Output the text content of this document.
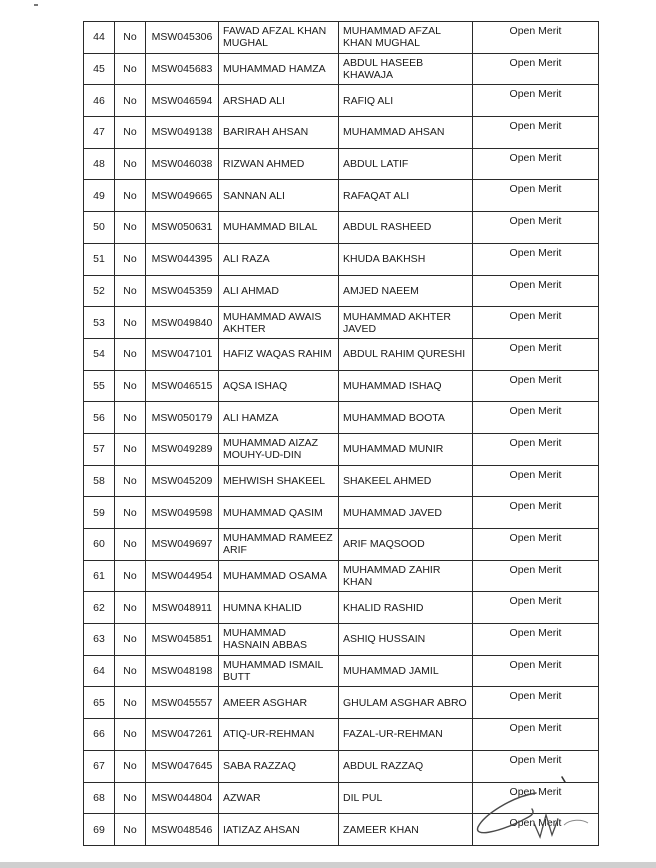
44	No	MSW045306	FAWAD AFZAL KHAN MUGHAL	MUHAMMAD AFZAL KHAN MUGHAL	Open Merit
45	No	MSW045683	MUHAMMAD HAMZA	ABDUL HASEEB KHAWAJA	Open Merit
46	No	MSW046594	ARSHAD ALI	RAFIQ ALI	Open Merit
47	No	MSW049138	BARIRAH AHSAN	MUHAMMAD AHSAN	Open Merit
48	No	MSW046038	RIZWAN AHMED	ABDUL LATIF	Open Merit
49	No	MSW049665	SANNAN ALI	RAFAQAT ALI	Open Merit
50	No	MSW050631	MUHAMMAD BILAL	ABDUL RASHEED	Open Merit
51	No	MSW044395	ALI RAZA	KHUDA BAKHSH	Open Merit
52	No	MSW045359	ALI AHMAD	AMJED NAEEM	Open Merit
53	No	MSW049840	MUHAMMAD AWAIS AKHTER	MUHAMMAD AKHTER JAVED	Open Merit
54	No	MSW047101	HAFIZ WAQAS RAHIM	ABDUL RAHIM QURESHI	Open Merit
55	No	MSW046515	AQSA ISHAQ	MUHAMMAD ISHAQ	Open Merit
56	No	MSW050179	ALI HAMZA	MUHAMMAD BOOTA	Open Merit
57	No	MSW049289	MUHAMMAD AIZAZ MOUHY-UD-DIN	MUHAMMAD MUNIR	Open Merit
58	No	MSW045209	MEHWISH SHAKEEL	SHAKEEL AHMED	Open Merit
59	No	MSW049598	MUHAMMAD QASIM	MUHAMMAD JAVED	Open Merit
60	No	MSW049697	MUHAMMAD RAMEEZ ARIF	ARIF MAQSOOD	Open Merit
61	No	MSW044954	MUHAMMAD OSAMA	MUHAMMAD ZAHIR KHAN	Open Merit
62	No	MSW048911	HUMNA KHALID	KHALID RASHID	Open Merit
63	No	MSW045851	MUHAMMAD HASNAIN ABBAS	ASHIQ HUSSAIN	Open Merit
64	No	MSW048198	MUHAMMAD ISMAIL BUTT	MUHAMMAD JAMIL	Open Merit
65	No	MSW045557	AMEER ASGHAR	GHULAM ASGHAR ABRO	Open Merit
66	No	MSW047261	ATIQ-UR-REHMAN	FAZAL-UR-REHMAN	Open Merit
67	No	MSW047645	SABA RAZZAQ	ABDUL RAZZAQ	Open Merit
68	No	MSW044804	AZWAR	DIL PUL	Open Merit
69	No	MSW048546	IATIZAZ AHSAN	ZAMEER KHAN	Open Merit
